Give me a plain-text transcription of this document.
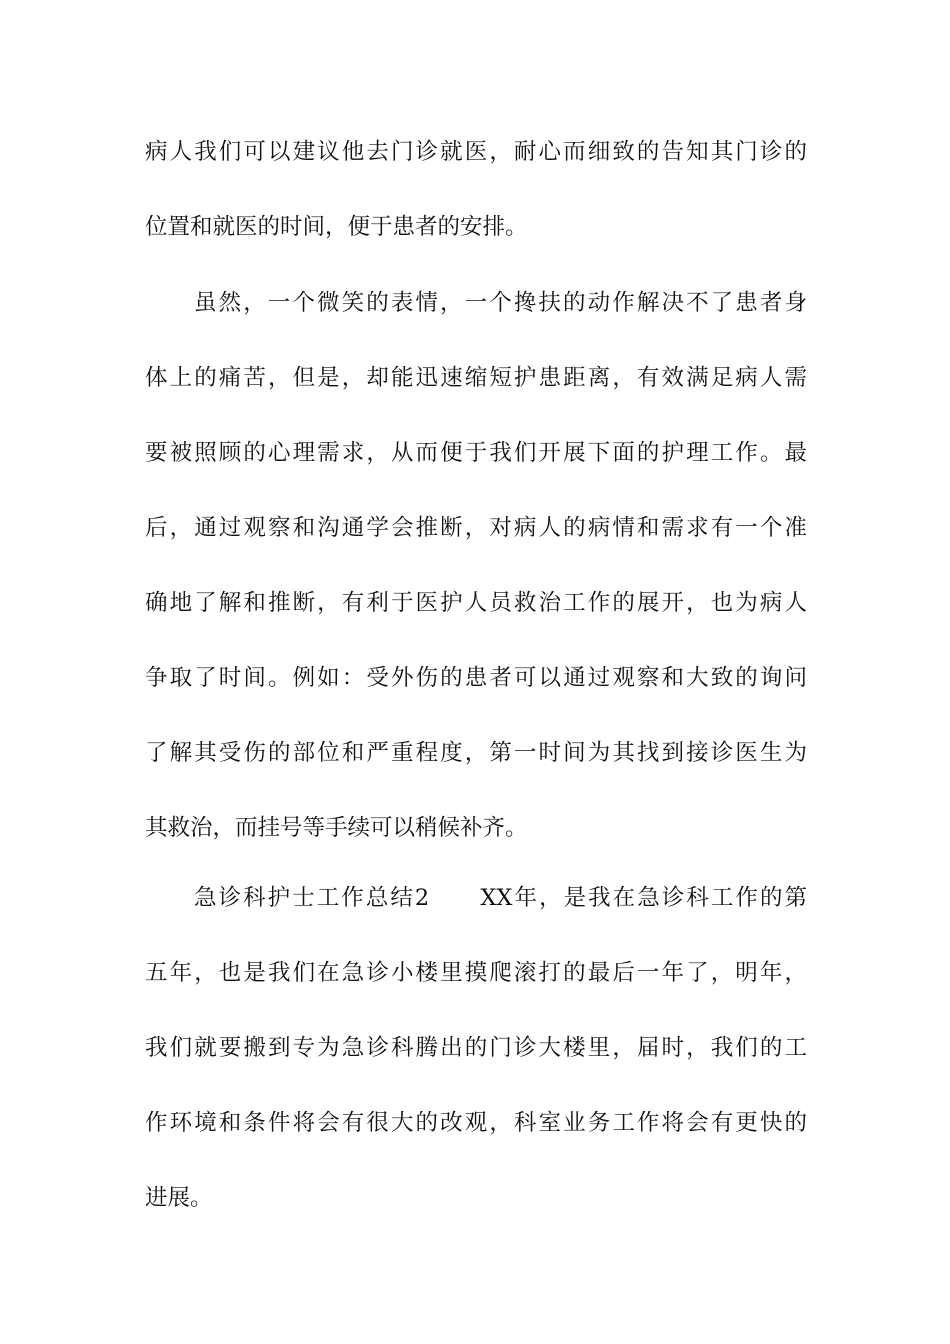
病人我们可以建议他去门诊就医，耐心而细致的告知其门诊的
位置和就医的时间，便于患者的安排。
虽然，一个微笑的表情，一个搀扶的动作解决不了患者身
体上的痛苦，但是，却能迅速缩短护患距离，有效满足病人需
要被照顾的心理需求，从而便于我们开展下面的护理工作。最
后，通过观察和沟通学会推断，对病人的病情和需求有一个准
确地了解和推断，有利于医护人员救治工作的展开，也为病人
争取了时间。例如：受外伤的患者可以通过观察和大致的询问
了解其受伤的部位和严重程度，第一时间为其找到接诊医生为
其救治，而挂号等手续可以稍候补齐。
急诊科护士工作总结2　　XX年，是我在急诊科工作的第
五年，也是我们在急诊小楼里摸爬滚打的最后一年了，明年，
我们就要搬到专为急诊科腾出的门诊大楼里，届时，我们的工
作环境和条件将会有很大的改观，科室业务工作将会有更快的
进展。
